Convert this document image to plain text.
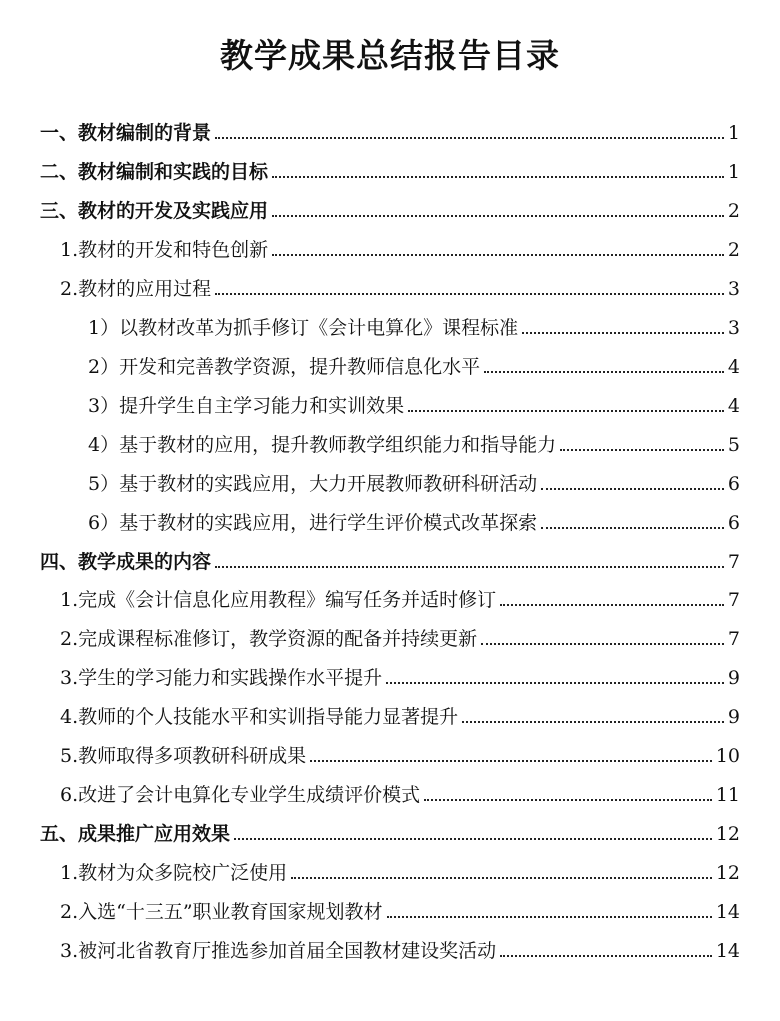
教学成果总结报告目录
一、教材编制的背景	1
二、教材编制和实践的目标	1
三、教材的开发及实践应用	2
1.教材的开发和特色创新	2
2.教材的应用过程	3
1）以教材改革为抓手修订《会计电算化》课程标准	3
2）开发和完善教学资源，提升教师信息化水平	4
3）提升学生自主学习能力和实训效果	4
4）基于教材的应用，提升教师教学组织能力和指导能力	5
5）基于教材的实践应用，大力开展教师教研科研活动	6
6）基于教材的实践应用，进行学生评价模式改革探索	6
四、教学成果的内容	7
1.完成《会计信息化应用教程》编写任务并适时修订	7
2.完成课程标准修订，教学资源的配备并持续更新	7
3.学生的学习能力和实践操作水平提升	9
4.教师的个人技能水平和实训指导能力显著提升	9
5.教师取得多项教研科研成果	10
6.改进了会计电算化专业学生成绩评价模式	11
五、成果推广应用效果	12
1.教材为众多院校广泛使用	12
2.入选“十三五”职业教育国家规划教材	14
3.被河北省教育厅推选参加首届全国教材建设奖活动	14
